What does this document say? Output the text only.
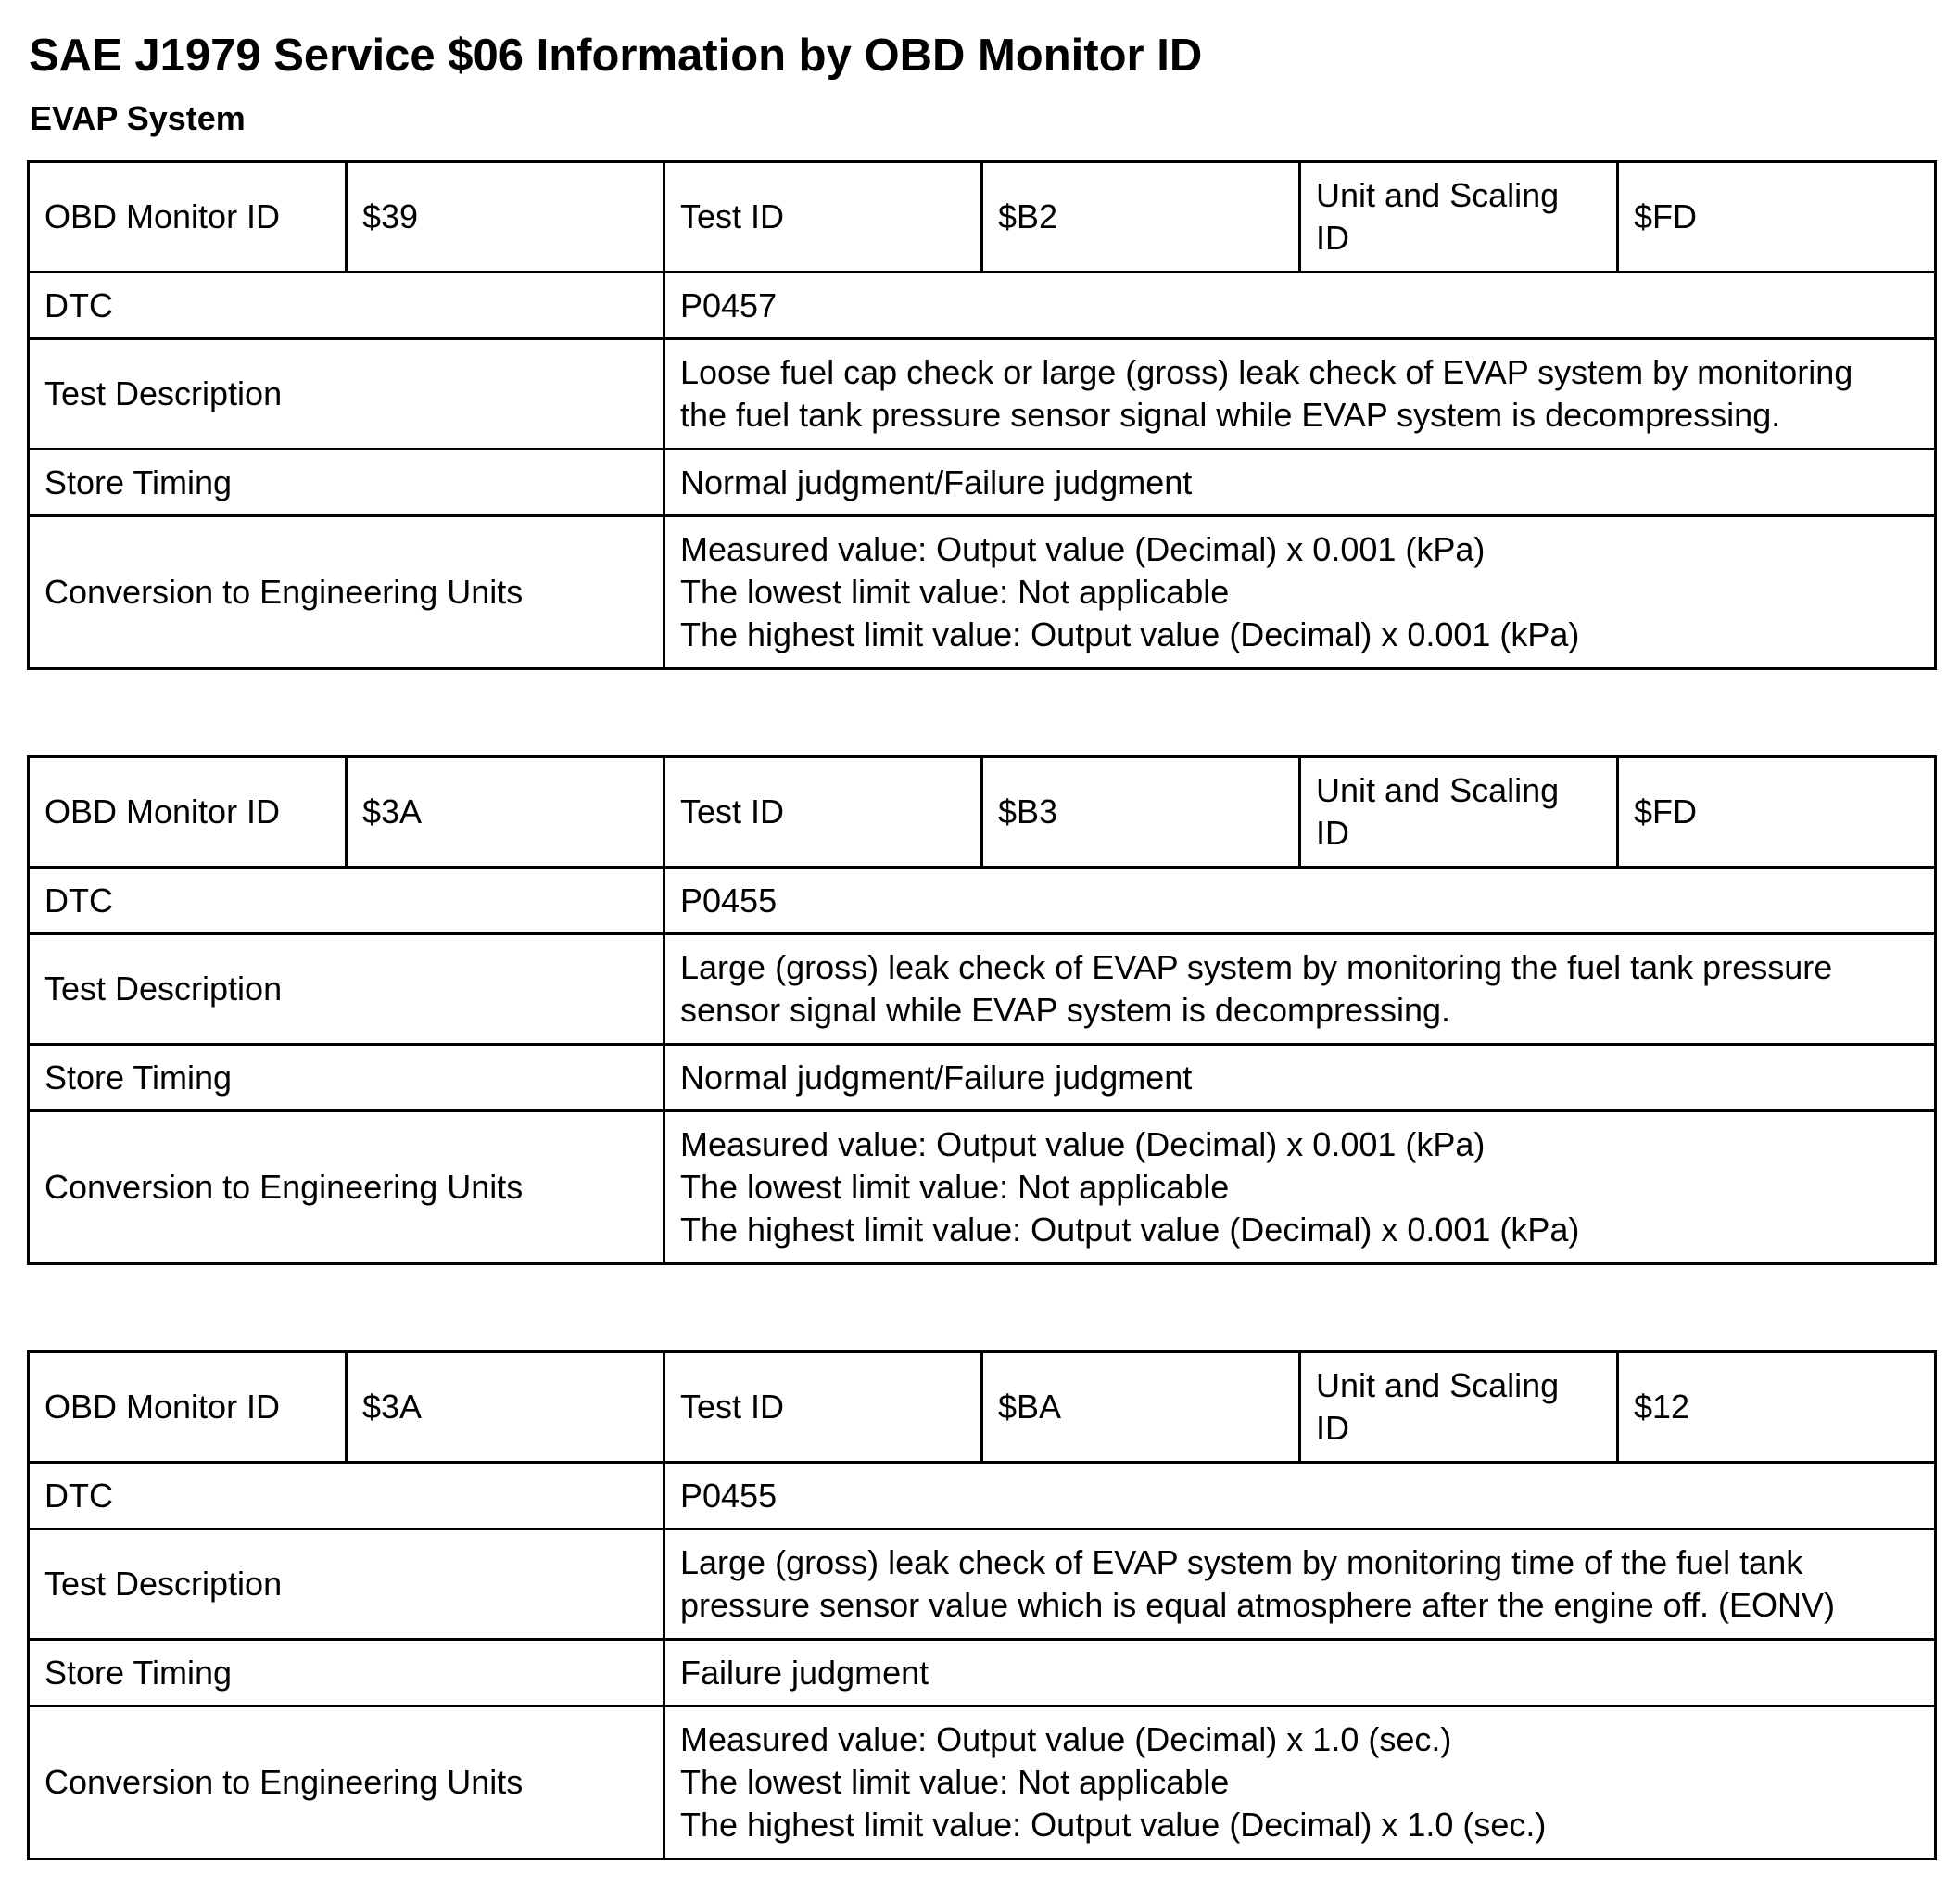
SAE J1979 Service $06 Information by OBD Monitor ID
EVAP System
OBD Monitor ID	$39	Test ID	$B2	Unit and Scaling
ID	$FD
DTC		P0457			
Test Description		Loose fuel cap check or large (gross) leak check of EVAP system by monitoring
the fuel tank pressure sensor signal while EVAP system is decompressing.			
Store Timing		Normal judgment/Failure judgment			
Conversion to Engineering Units		Measured value: Output value (Decimal) x 0.001 (kPa)
The lowest limit value: Not applicable
The highest limit value: Output value (Decimal) x 0.001 (kPa)			
OBD Monitor ID	$3A	Test ID	$B3	Unit and Scaling
ID	$FD
DTC		P0455			
Test Description		Large (gross) leak check of EVAP system by monitoring the fuel tank pressure
sensor signal while EVAP system is decompressing.			
Store Timing		Normal judgment/Failure judgment			
Conversion to Engineering Units		Measured value: Output value (Decimal) x 0.001 (kPa)
The lowest limit value: Not applicable
The highest limit value: Output value (Decimal) x 0.001 (kPa)			
OBD Monitor ID	$3A	Test ID	$BA	Unit and Scaling
ID	$12
DTC		P0455			
Test Description		Large (gross) leak check of EVAP system by monitoring time of the fuel tank
pressure sensor value which is equal atmosphere after the engine off. (EONV)			
Store Timing		Failure judgment			
Conversion to Engineering Units		Measured value: Output value (Decimal) x 1.0 (sec.)
The lowest limit value: Not applicable
The highest limit value: Output value (Decimal) x 1.0 (sec.)			
